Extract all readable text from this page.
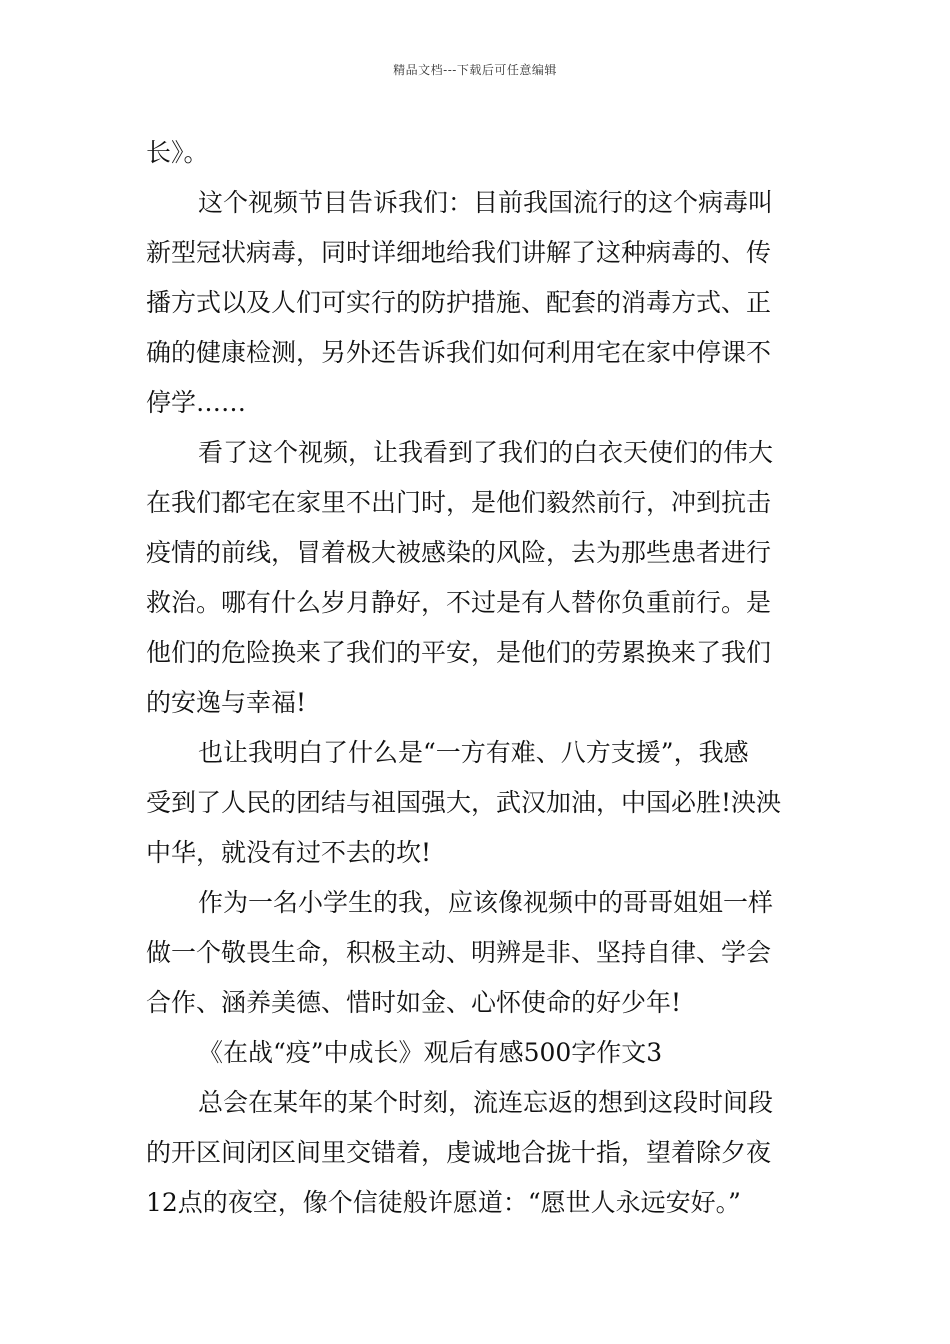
精品文档---下载后可任意编辑
长》。
这个视频节目告诉我们：目前我国流行的这个病毒叫
新型冠状病毒，同时详细地给我们讲解了这种病毒的、传
播方式以及人们可实行的防护措施、配套的消毒方式、正
确的健康检测，另外还告诉我们如何利用宅在家中停课不
停学……
看了这个视频，让我看到了我们的白衣天使们的伟大
在我们都宅在家里不出门时，是他们毅然前行，冲到抗击
疫情的前线，冒着极大被感染的风险，去为那些患者进行
救治。哪有什么岁月静好，不过是有人替你负重前行。是
他们的危险换来了我们的平安，是他们的劳累换来了我们
的安逸与幸福!
也让我明白了什么是“一方有难、八方支援”，我感
受到了人民的团结与祖国强大，武汉加油，中国必胜!泱泱
中华，就没有过不去的坎!
作为一名小学生的我，应该像视频中的哥哥姐姐一样
做一个敬畏生命，积极主动、明辨是非、坚持自律、学会
合作、涵养美德、惜时如金、心怀使命的好少年!
《在战“疫”中成长》观后有感500字作文3
总会在某年的某个时刻，流连忘返的想到这段时间段
的开区间闭区间里交错着，虔诚地合拢十指，望着除夕夜
12点的夜空，像个信徒般许愿道：“愿世人永远安好。”
